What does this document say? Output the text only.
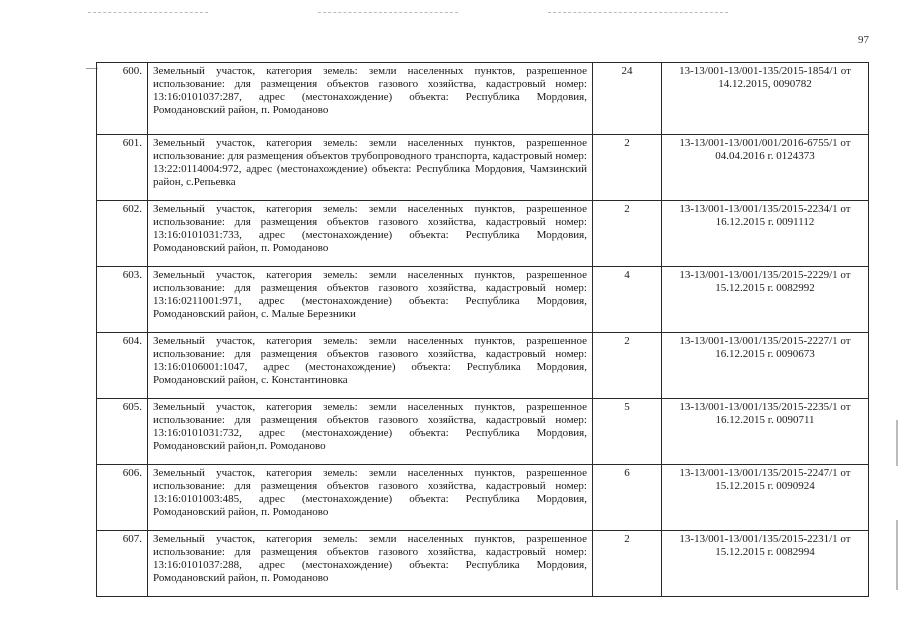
97
600.	Земельный участок, категория земель: земли населенных пунктов, разрешенное использование: для размещения объектов газового хозяйства, кадастровый номер: 13:16:0101037:287, адрес (местонахождение) объекта: Республика Мордовия, Ромодановский район, п. Ромоданово	24	13-13/001-13/001-135/2015-1854/1 от 14.12.2015, 0090782
601.	Земельный участок, категория земель: земли населенных пунктов, разрешенное использование: для размещения объектов трубопроводного транспорта, кадастровый номер: 13:22:0114004:972, адрес (местонахождение) объекта: Республика Мордовия, Чамзинский район, с.Репьевка	2	13-13/001-13/001/001/2016-6755/1 от 04.04.2016 г. 0124373
602.	Земельный участок, категория земель: земли населенных пунктов, разрешенное использование: для размещения объектов газового хозяйства, кадастровый номер: 13:16:0101031:733, адрес (местонахождение) объекта: Республика Мордовия, Ромодановский район, п. Ромоданово	2	13-13/001-13/001/135/2015-2234/1 от 16.12.2015 г. 0091112
603.	Земельный участок, категория земель: земли населенных пунктов, разрешенное использование: для размещения объектов газового хозяйства, кадастровый номер: 13:16:0211001:971, адрес (местонахождение) объекта: Республика Мордовия, Ромодановский район, с. Малые Березники	4	13-13/001-13/001/135/2015-2229/1 от 15.12.2015 г. 0082992
604.	Земельный участок, категория земель: земли населенных пунктов, разрешенное использование: для размещения объектов газового хозяйства, кадастровый номер: 13:16:0106001:1047, адрес (местонахождение) объекта: Республика Мордовия, Ромодановский район, с. Константиновка	2	13-13/001-13/001/135/2015-2227/1 от 16.12.2015 г. 0090673
605.	Земельный участок, категория земель: земли населенных пунктов, разрешенное использование: для размещения объектов газового хозяйства, кадастровый номер: 13:16:0101031:732, адрес (местонахождение) объекта: Республика Мордовия, Ромодановский район,п. Ромоданово	5	13-13/001-13/001/135/2015-2235/1 от 16.12.2015 г. 0090711
606.	Земельный участок, категория земель: земли населенных пунктов, разрешенное использование: для размещения объектов газового хозяйства, кадастровый номер: 13:16:0101003:485, адрес (местонахождение) объекта: Республика Мордовия, Ромодановский район, п. Ромоданово	6	13-13/001-13/001/135/2015-2247/1 от 15.12.2015 г. 0090924
607.	Земельный участок, категория земель: земли населенных пунктов, разрешенное использование: для размещения объектов газового хозяйства, кадастровый номер: 13:16:0101037:288, адрес (местонахождение) объекта: Республика Мордовия, Ромодановский район, п. Ромоданово	2	13-13/001-13/001/135/2015-2231/1 от 15.12.2015 г. 0082994
